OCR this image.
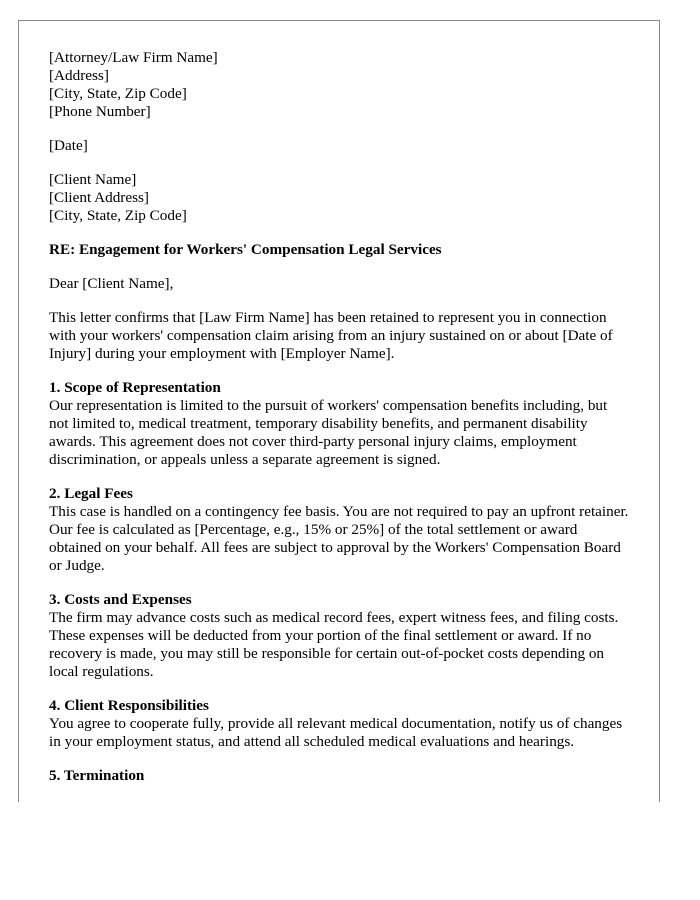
[Attorney/Law Firm Name]
[Address]
[City, State, Zip Code]
[Phone Number]
[Date]
[Client Name]
[Client Address]
[City, State, Zip Code]
RE: Engagement for Workers' Compensation Legal Services
Dear [Client Name],
This letter confirms that [Law Firm Name] has been retained to represent you in connection with your workers' compensation claim arising from an injury sustained on or about [Date of Injury] during your employment with [Employer Name].
1. Scope of Representation
Our representation is limited to the pursuit of workers' compensation benefits including, but not limited to, medical treatment, temporary disability benefits, and permanent disability awards. This agreement does not cover third-party personal injury claims, employment discrimination, or appeals unless a separate agreement is signed.
2. Legal Fees
This case is handled on a contingency fee basis. You are not required to pay an upfront retainer. Our fee is calculated as [Percentage, e.g., 15% or 25%] of the total settlement or award obtained on your behalf. All fees are subject to approval by the Workers' Compensation Board or Judge.
3. Costs and Expenses
The firm may advance costs such as medical record fees, expert witness fees, and filing costs. These expenses will be deducted from your portion of the final settlement or award. If no recovery is made, you may still be responsible for certain out-of-pocket costs depending on local regulations.
4. Client Responsibilities
You agree to cooperate fully, provide all relevant medical documentation, notify us of changes in your employment status, and attend all scheduled medical evaluations and hearings.
5. Termination
